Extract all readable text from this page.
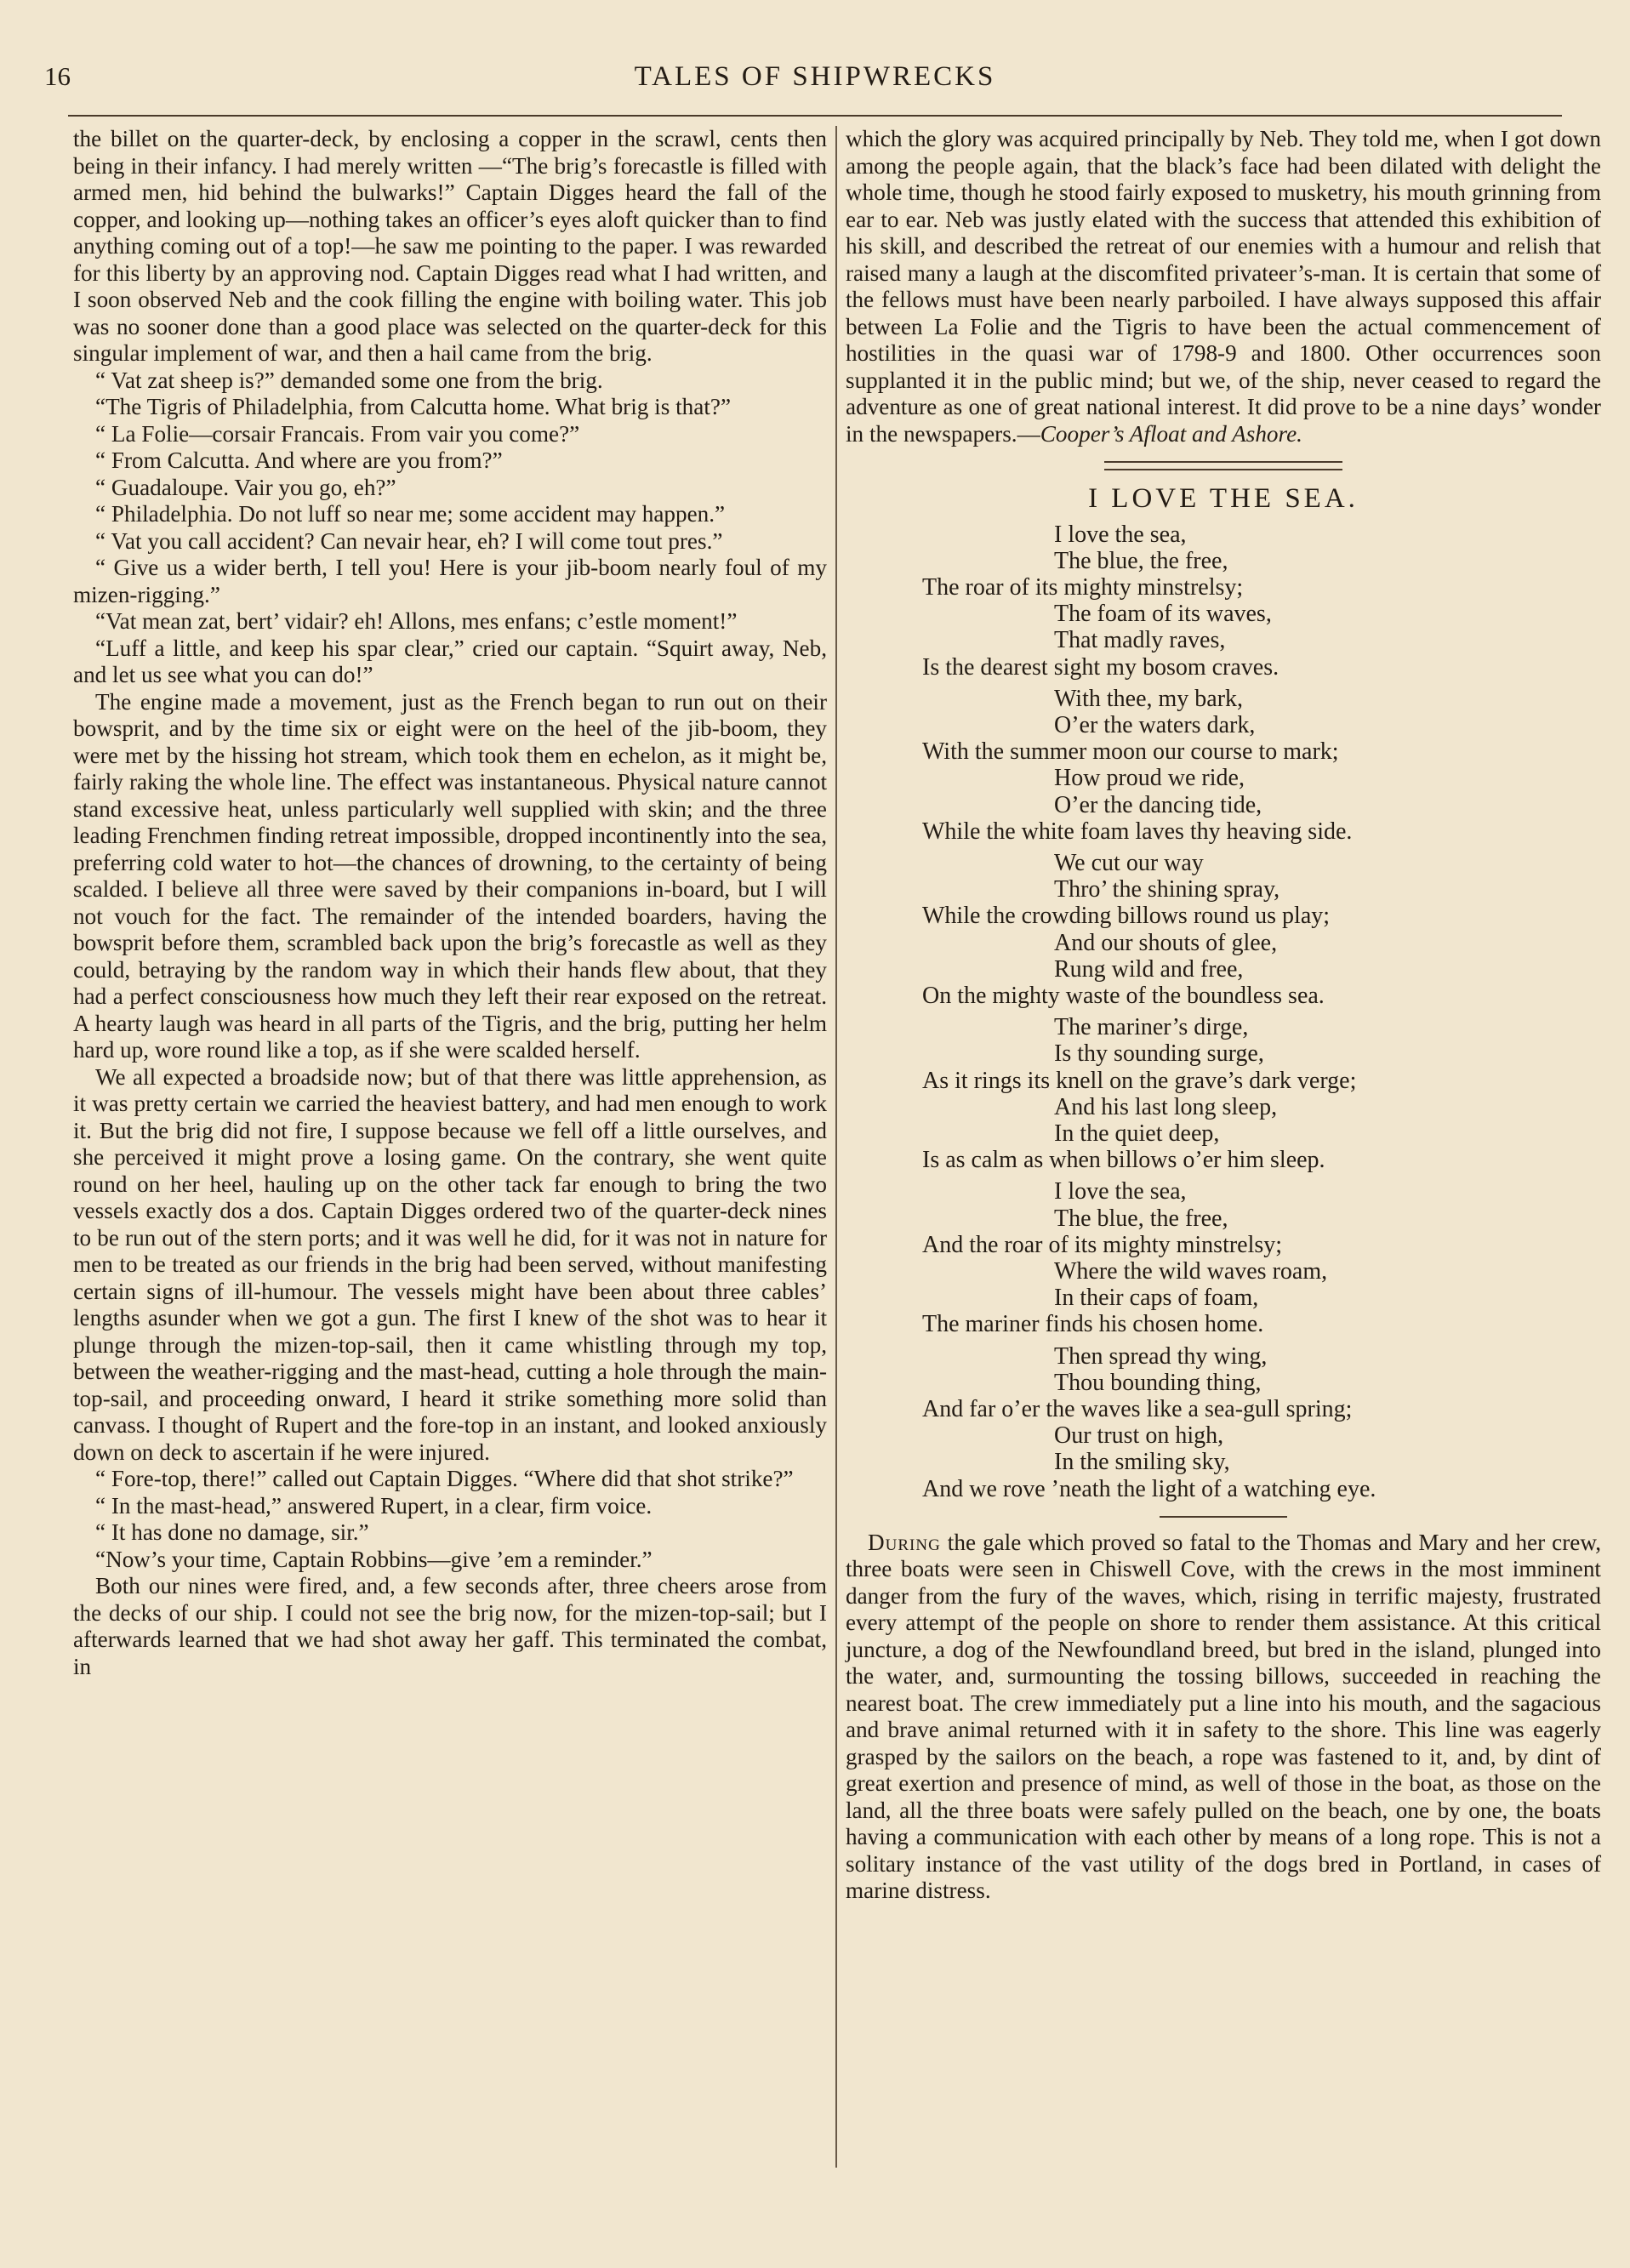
16	TALES OF SHIPWRECKS

the billet on the quarter-deck, by enclosing a copper in the scrawl, cents then being in their infancy. I had merely written —“The brig’s forecastle is filled with armed men, hid behind the bulwarks!” Captain Digges heard the fall of the copper, and looking up—nothing takes an officer’s eyes aloft quicker than to find anything coming out of a top!—he saw me pointing to the paper. I was rewarded for this liberty by an approving nod. Captain Digges read what I had written, and I soon observed Neb and the cook filling the engine with boiling water. This job was no sooner done than a good place was selected on the quarter-deck for this singular implement of war, and then a hail came from the brig.

“ Vat zat sheep is?” demanded some one from the brig.

“The Tigris of Philadelphia, from Calcutta home. What brig is that?”

“ La Folie—corsair Francais. From vair you come?”

“ From Calcutta. And where are you from?”

“ Guadaloupe. Vair you go, eh?”

“ Philadelphia. Do not luff so near me; some accident may happen.”

“ Vat you call accident? Can nevair hear, eh? I will come tout pres.”

“ Give us a wider berth, I tell you! Here is your jib-boom nearly foul of my mizen-rigging.”

“Vat mean zat, bert’ vidair? eh! Allons, mes enfans; c’estle moment!”

“Luff a little, and keep his spar clear,” cried our captain. “Squirt away, Neb, and let us see what you can do!”

The engine made a movement, just as the French began to run out on their bowsprit, and by the time six or eight were on the heel of the jib-boom, they were met by the hissing hot stream, which took them en echelon, as it might be, fairly raking the whole line. The effect was instantaneous. Physical nature cannot stand excessive heat, unless particularly well supplied with skin; and the three leading Frenchmen finding retreat impossible, dropped incontinently into the sea, preferring cold water to hot—the chances of drowning, to the certainty of being scalded. I believe all three were saved by their companions in-board, but I will not vouch for the fact. The remainder of the intended boarders, having the bowsprit before them, scrambled back upon the brig’s forecastle as well as they could, betraying by the random way in which their hands flew about, that they had a perfect consciousness how much they left their rear exposed on the retreat. A hearty laugh was heard in all parts of the Tigris, and the brig, putting her helm hard up, wore round like a top, as if she were scalded herself.

We all expected a broadside now; but of that there was little apprehension, as it was pretty certain we carried the heaviest battery, and had men enough to work it. But the brig did not fire, I suppose because we fell off a little ourselves, and she perceived it might prove a losing game. On the contrary, she went quite round on her heel, hauling up on the other tack far enough to bring the two vessels exactly dos a dos. Captain Digges ordered two of the quarter-deck nines to be run out of the stern ports; and it was well he did, for it was not in nature for men to be treated as our friends in the brig had been served, without manifesting certain signs of ill-humour. The vessels might have been about three cables’ lengths asunder when we got a gun. The first I knew of the shot was to hear it plunge through the mizen-top-sail, then it came whistling through my top, between the weather-rigging and the mast-head, cutting a hole through the main-top-sail, and proceeding onward, I heard it strike something more solid than canvass. I thought of Rupert and the fore-top in an instant, and looked anxiously down on deck to ascertain if he were injured.

“ Fore-top, there!” called out Captain Digges. “Where did that shot strike?”

“ In the mast-head,” answered Rupert, in a clear, firm voice.

“ It has done no damage, sir.”

“Now’s your time, Captain Robbins—give ’em a reminder.”

Both our nines were fired, and, a few seconds after, three cheers arose from the decks of our ship. I could not see the brig now, for the mizen-top-sail; but I afterwards learned that we had shot away her gaff. This terminated the combat, in

which the glory was acquired principally by Neb. They told me, when I got down among the people again, that the black’s face had been dilated with delight the whole time, though he stood fairly exposed to musketry, his mouth grinning from ear to ear. Neb was justly elated with the success that attended this exhibition of his skill, and described the retreat of our enemies with a humour and relish that raised many a laugh at the discomfited privateer’s-man. It is certain that some of the fellows must have been nearly parboiled. I have always supposed this affair between La Folie and the Tigris to have been the actual commencement of hostilities in the quasi war of 1798-9 and 1800. Other occurrences soon supplanted it in the public mind; but we, of the ship, never ceased to regard the adventure as one of great national interest. It did prove to be a nine days’ wonder in the newspapers.—Cooper’s Afloat and Ashore.

I LOVE THE SEA.
I love the sea,
The blue, the free,
The roar of its mighty minstrelsy;
The foam of its waves,
That madly raves,
Is the dearest sight my bosom craves.
With thee, my bark,
O’er the waters dark,
With the summer moon our course to mark;
How proud we ride,
O’er the dancing tide,
While the white foam laves thy heaving side.
We cut our way
Thro’ the shining spray,
While the crowding billows round us play;
And our shouts of glee,
Rung wild and free,
On the mighty waste of the boundless sea.
The mariner’s dirge,
Is thy sounding surge,
As it rings its knell on the grave’s dark verge;
And his last long sleep,
In the quiet deep,
Is as calm as when billows o’er him sleep.
I love the sea,
The blue, the free,
And the roar of its mighty minstrelsy;
Where the wild waves roam,
In their caps of foam,
The mariner finds his chosen home.
Then spread thy wing,
Thou bounding thing,
And far o’er the waves like a sea-gull spring;
Our trust on high,
In the smiling sky,
And we rove ’neath the light of a watching eye.

During the gale which proved so fatal to the Thomas and Mary and her crew, three boats were seen in Chiswell Cove, with the crews in the most imminent danger from the fury of the waves, which, rising in terrific majesty, frustrated every attempt of the people on shore to render them assistance. At this critical juncture, a dog of the Newfoundland breed, but bred in the island, plunged into the water, and, surmounting the tossing billows, succeeded in reaching the nearest boat. The crew immediately put a line into his mouth, and the sagacious and brave animal returned with it in safety to the shore. This line was eagerly grasped by the sailors on the beach, a rope was fastened to it, and, by dint of great exertion and presence of mind, as well of those in the boat, as those on the land, all the three boats were safely pulled on the beach, one by one, the boats having a communication with each other by means of a long rope. This is not a solitary instance of the vast utility of the dogs bred in Portland, in cases of marine distress.
